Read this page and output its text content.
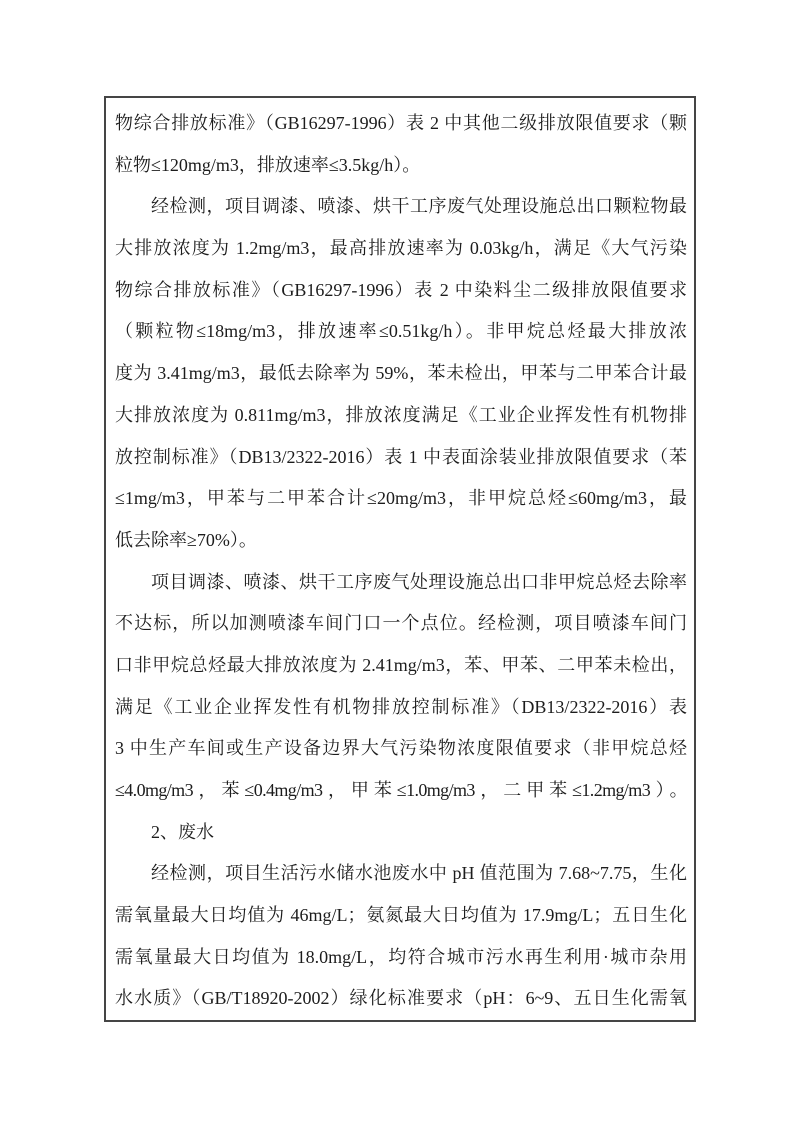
物综合排放标准》（GB16297-1996）表 2 中其他二级排放限值要求（颗
粒物≤120mg/m3，排放速率≤3.5kg/h）。
经检测，项目调漆、喷漆、烘干工序废气处理设施总出口颗粒物最
大排放浓度为 1.2mg/m3，最高排放速率为 0.03kg/h，满足《大气污染
物综合排放标准》（GB16297-1996）表 2 中染料尘二级排放限值要求
（颗粒物≤18mg/m3，排放速率≤0.51kg/h）。非甲烷总烃最大排放浓
度为 3.41mg/m3，最低去除率为 59%，苯未检出，甲苯与二甲苯合计最
大排放浓度为 0.811mg/m3，排放浓度满足《工业企业挥发性有机物排
放控制标准》（DB13/2322-2016）表 1 中表面涂装业排放限值要求（苯
≤1mg/m3，甲苯与二甲苯合计≤20mg/m3，非甲烷总烃≤60mg/m3，最
低去除率≥70%）。
项目调漆、喷漆、烘干工序废气处理设施总出口非甲烷总烃去除率
不达标，所以加测喷漆车间门口一个点位。经检测，项目喷漆车间门
口非甲烷总烃最大排放浓度为 2.41mg/m3，苯、甲苯、二甲苯未检出，
满足《工业企业挥发性有机物排放控制标准》（DB13/2322-2016）表
3 中生产车间或生产设备边界大气污染物浓度限值要求（非甲烷总烃
≤4.0mg/m3，苯≤0.4mg/m3，甲苯≤1.0mg/m3，二甲苯≤1.2mg/m3）。
2、废水
经检测，项目生活污水储水池废水中 pH 值范围为 7.68~7.75，生化
需氧量最大日均值为 46mg/L；氨氮最大日均值为 17.9mg/L；五日生化
需氧量最大日均值为 18.0mg/L，均符合城市污水再生利用·城市杂用
水水质》（GB/T18920-2002）绿化标准要求（pH：6~9、五日生化需氧
